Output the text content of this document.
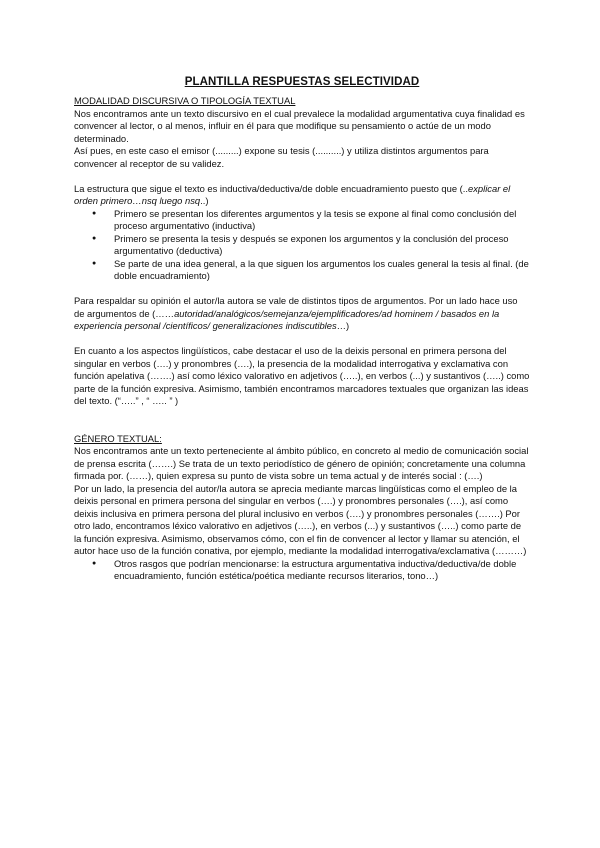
PLANTILLA RESPUESTAS SELECTIVIDAD
MODALIDAD DISCURSIVA O TIPOLOGÍA TEXTUAL

Nos encontramos ante un texto discursivo en el cual prevalece la modalidad argumentativa cuya finalidad es convencer al lector, o al menos, influir en él para que modifique su pensamiento o actúe de un modo determinado.

Así pues, en este caso el emisor (.........) expone su tesis (..........) y utiliza distintos argumentos para convencer al receptor de su validez.

La estructura que sigue el texto es inductiva/deductiva/de doble encuadramiento puesto que (..explicar el orden primero…nsq luego nsq..)

● Primero se presentan los diferentes argumentos y la tesis se expone al final como conclusión del proceso argumentativo (inductiva)
● Primero se presenta la tesis y después se exponen los argumentos y la conclusión del proceso argumentativo (deductiva)
● Se parte de una idea general, a la que siguen los argumentos los cuales general la tesis al final. (de doble encuadramiento)

Para respaldar su opinión el autor/la autora se vale de distintos tipos de argumentos. Por un lado hace uso de argumentos de (……autoridad/analógicos/semejanza/ejemplificadores/ad hominem / basados en la experiencia personal /científicos/ generalizaciones indiscutibles…)

En cuanto a los aspectos lingüísticos, cabe destacar el uso de la deixis personal en primera persona del singular en verbos (….) y pronombres (….), la presencia de la modalidad interrogativa y exclamativa con función apelativa (…….) así como léxico valorativo en adjetivos (…..), en verbos (...) y sustantivos (…..) como parte de la función expresiva. Asimismo, también encontramos marcadores textuales que organizan las ideas del texto. (“…..” , “ ….. ” )

GÉNERO TEXTUAL:

Nos encontramos ante un texto perteneciente al ámbito público, en concreto al medio de comunicación social de prensa escrita (…….) Se trata de un texto periodístico de género de opinión; concretamente una columna firmada por. (……), quien expresa su punto de vista sobre un tema actual y de interés social : (….)

Por un lado, la presencia del autor/la autora se aprecia mediante marcas lingüísticas como el empleo de la deixis personal en primera persona del singular en verbos (….) y pronombres personales (….), así como deixis inclusiva en primera persona del plural inclusivo en verbos (….) y pronombres personales (…….) Por otro lado, encontramos léxico valorativo en adjetivos (…..), en verbos (...) y sustantivos (…..) como parte de la función expresiva. Asimismo, observamos cómo, con el fin de convencer al lector y llamar su atención, el autor hace uso de la función conativa, por ejemplo, mediante la modalidad interrogativa/exclamativa (………)

● Otros rasgos que podrían mencionarse: la estructura argumentativa inductiva/deductiva/de doble encuadramiento, función estética/poética mediante recursos literarios, tono…)
